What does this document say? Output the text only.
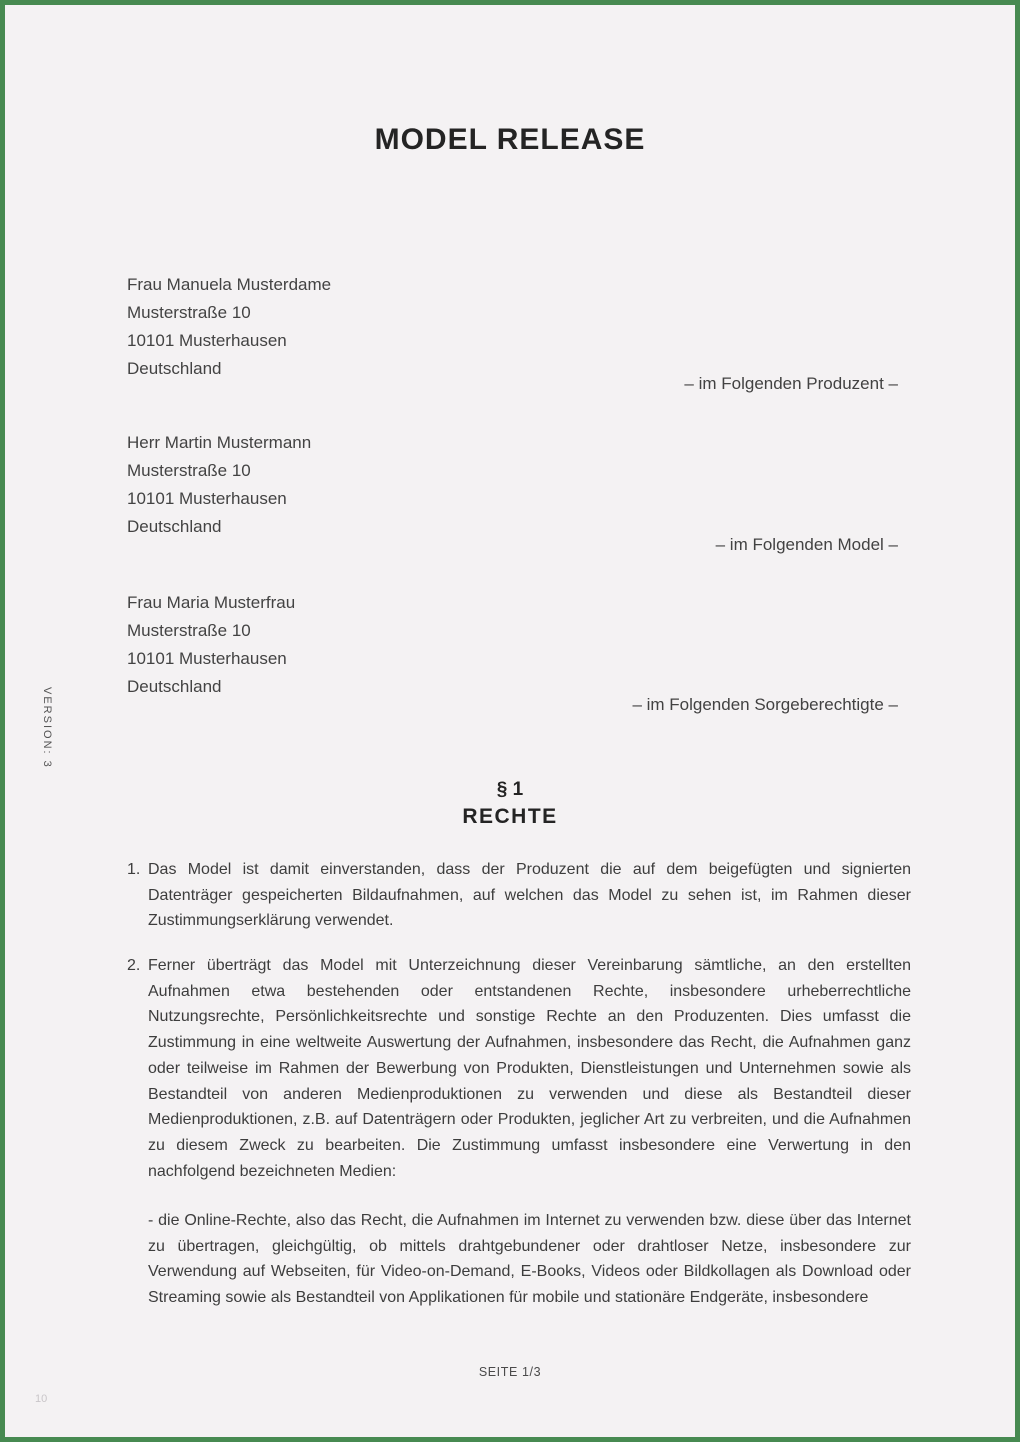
MODEL RELEASE
VERSION: 3
Frau Manuela Musterdame
Musterstraße 10
10101 Musterhausen
Deutschland
– im Folgenden Produzent –
Herr Martin Mustermann
Musterstraße 10
10101 Musterhausen
Deutschland
– im Folgenden Model –
Frau Maria Musterfrau
Musterstraße 10
10101 Musterhausen
Deutschland
– im Folgenden Sorgeberechtigte –
§ 1
RECHTE
1. Das Model ist damit einverstanden, dass der Produzent die auf dem beigefügten und signierten Datenträger gespeicherten Bildaufnahmen, auf welchen das Model zu sehen ist, im Rahmen dieser Zustimmungserklärung verwendet.
2. Ferner überträgt das Model mit Unterzeichnung dieser Vereinbarung sämtliche, an den erstellten Aufnahmen etwa bestehenden oder entstandenen Rechte, insbesondere urheberrechtliche Nutzungsrechte, Persönlichkeitsrechte und sonstige Rechte an den Produzenten. Dies umfasst die Zustimmung in eine weltweite Auswertung der Aufnahmen, insbesondere das Recht, die Aufnahmen ganz oder teilweise im Rahmen der Bewerbung von Produkten, Dienstleistungen und Unternehmen sowie als Bestandteil von anderen Medienproduktionen zu verwenden und diese als Bestandteil dieser Medienproduktionen, z.B. auf Datenträgern oder Produkten, jeglicher Art zu verbreiten, und die Aufnahmen zu diesem Zweck zu bearbeiten. Die Zustimmung umfasst insbesondere eine Verwertung in den nachfolgend bezeichneten Medien:
- die Online-Rechte, also das Recht, die Aufnahmen im Internet zu verwenden bzw. diese über das Internet zu übertragen, gleichgültig, ob mittels drahtgebundener oder drahtloser Netze, insbesondere zur Verwendung auf Webseiten, für Video-on-Demand, E-Books, Videos oder Bildkollagen als Download oder Streaming sowie als Bestandteil von Applikationen für mobile und stationäre Endgeräte, insbesondere
SEITE 1/3
10
